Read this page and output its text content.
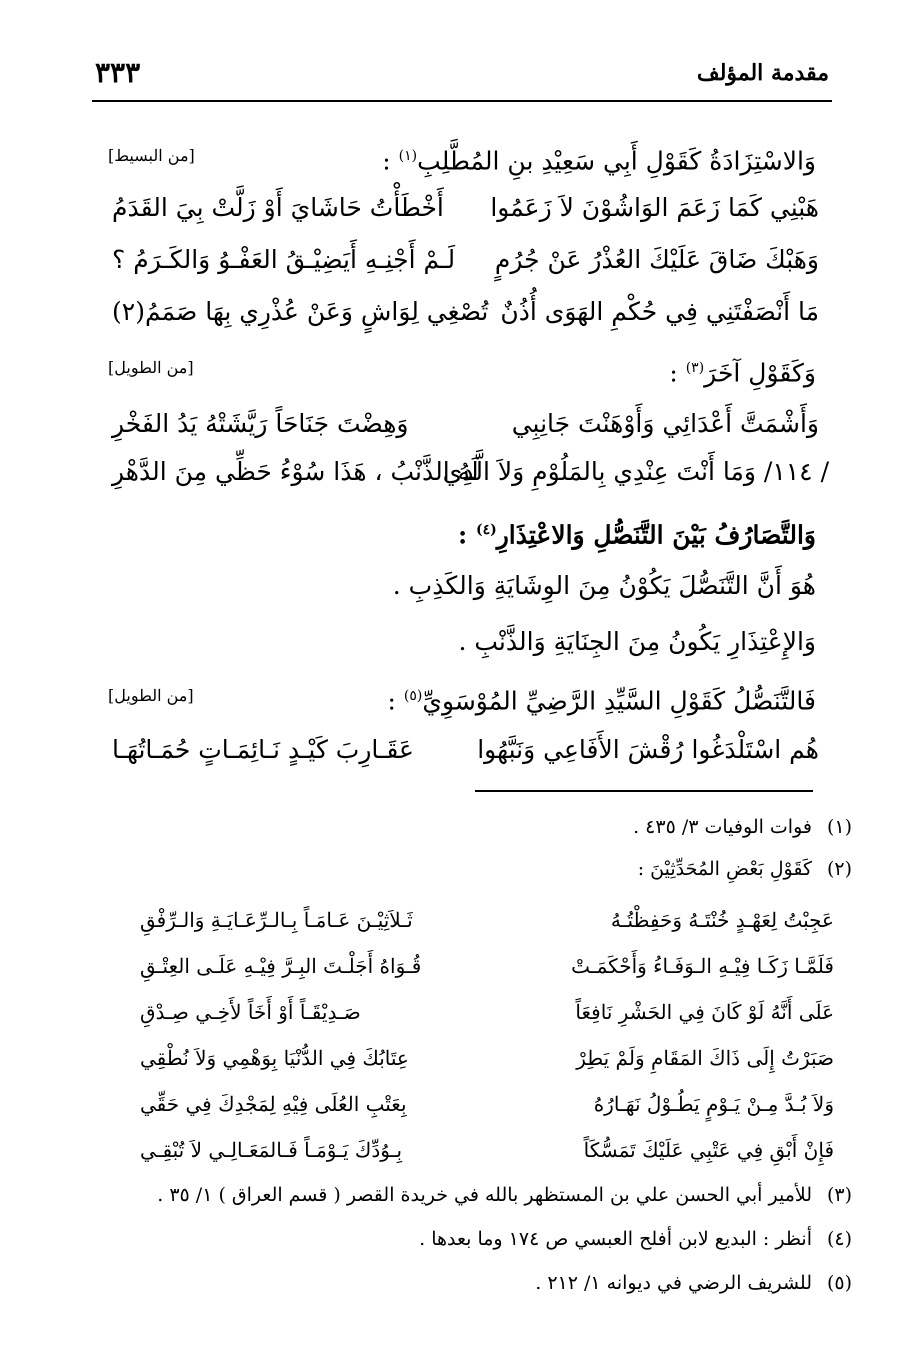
مقدمة المؤلف
٣٣٣
وَالاسْتِزَادَةُ كَقَوْلِ أَبِي سَعِيْدِ بنِ المُطَّلِبِ$^{(١)}$ :
[من البسيط]
هَبْنِي كَمَا زَعَمَ الوَاشُوْنَ لاَ زَعَمُوا
أَخْطَأْتُ حَاشَايَ أَوْ زَلَّتْ بِيَ القَدَمُ
وَهَبْكَ ضَاقَ عَلَيْكَ العُذْرُ عَنْ جُرُمٍ
لَـمْ أَجْنِـهِ أَيَضِيْـقُ العَفْـوُ وَالكَـرَمُ ؟
مَا أَنْصَفْتَنِي فِي حُكْمِ الهَوَى أُذُنٌ
تُصْغِي لِوَاشٍ وَعَنْ عُذْرِي بِهَا صَمَمُ(٢)
وَكَقَوْلِ آخَرَ$^{(٣)}$ :
[من الطويل]
وَأَشْمَتَّ أَعْدَائِي وَأَوْهَنْتَ جَانِبِي
وَهِضْتَ جَنَاحَاً رَيَّشَتْهُ يَدُ الفَخْرِ
/ ١١٤/ وَمَا أَنْتَ عِنْدِي بِالمَلُوْمِ وَلاَ الَّذِي
لَهُ الذَّنْبُ ، هَذَا سُوْءُ حَظِّي مِنَ الدَّهْرِ
وَالتَّصَارُفُ بَيْنَ التَّنَصُّلِ وَالاعْتِذَارِ$^{(٤)}$ :
هُوَ أَنَّ التَّنَصُّلَ يَكُوْنُ مِنَ الوِشَايَةِ وَالكَذِبِ .
وَالإِعْتِذَارِ يَكُونُ مِنَ الجِنَايَةِ وَالذَّنْبِ .
فَالتَّنَصُّلُ كَقَوْلِ السَّيِّدِ الرَّضِيِّ المُوْسَوِيِّ$^{(٥)}$ :
[من الطويل]
هُم اسْتَلْدَغُوا رُقْشَ الأَفَاعِي وَنَبَّهُوا
عَقَـارِبَ كَيْـدٍ نَـائِمَـاتٍ حُمَـاتُهَـا
(١)فوات الوفيات ٣/ ٤٣٥ .
(٢)كَقَوْلِ بَعْضِ المُحَدِّثِيْنَ :
عَجِبْتُ لِعَهْـدٍ خُنْتَـهُ وَحَفِظْتُـهُ
ثَـلاَثِيْـنَ عَـامَـاً بِـالـرِّعَـايَـةِ وَالـرِّفْقِ
فَلَمَّـا زَكَـا فِيْـهِ الـوَفَـاءُ وَأَحْكَمَـتْ
قُـوَاهُ أَجَلْـتَ البِـرَّ فِيْـهِ عَلَـى العِتْـقِ
عَلَى أَنَّهُ لَوْ كَانَ فِي الحَشْرِ نَافِعَاً
صَـدِيْقَـاً أَوْ أَخَاً لأَخِـي صِـدْقِ
صَبَرْتُ إِلَى ذَاكَ المَقَامِ وَلَمْ يَطِرْ
عِتَابُكَ فِي الدُّنْيَا بِوَهْمِي وَلاَ نُطْقِي
وَلاَ بُـدَّ مِـنْ يَـوْمٍ يَطُـوْلُ نَهَـارُهُ
بِعَتْبِ العُلَى فِيْهِ لِمَجْدِكَ فِي حَقِّي
فَإِنْ أَبْقِ فِي عَتْبِي عَلَيْكَ تَمَسُّكَاً
بِـوُدِّكَ يَـوْمَـاً فَـالمَعَـالِـي لاَ تُبْقِـي
(٣)للأمير أبي الحسن علي بن المستظهر بالله في خريدة القصر ( قسم العراق ) ١/ ٣٥ .
(٤)أنظر : البديع لابن أفلح العبسي ص ١٧٤ وما بعدها .
(٥)للشريف الرضي في ديوانه ١/ ٢١٢ .
